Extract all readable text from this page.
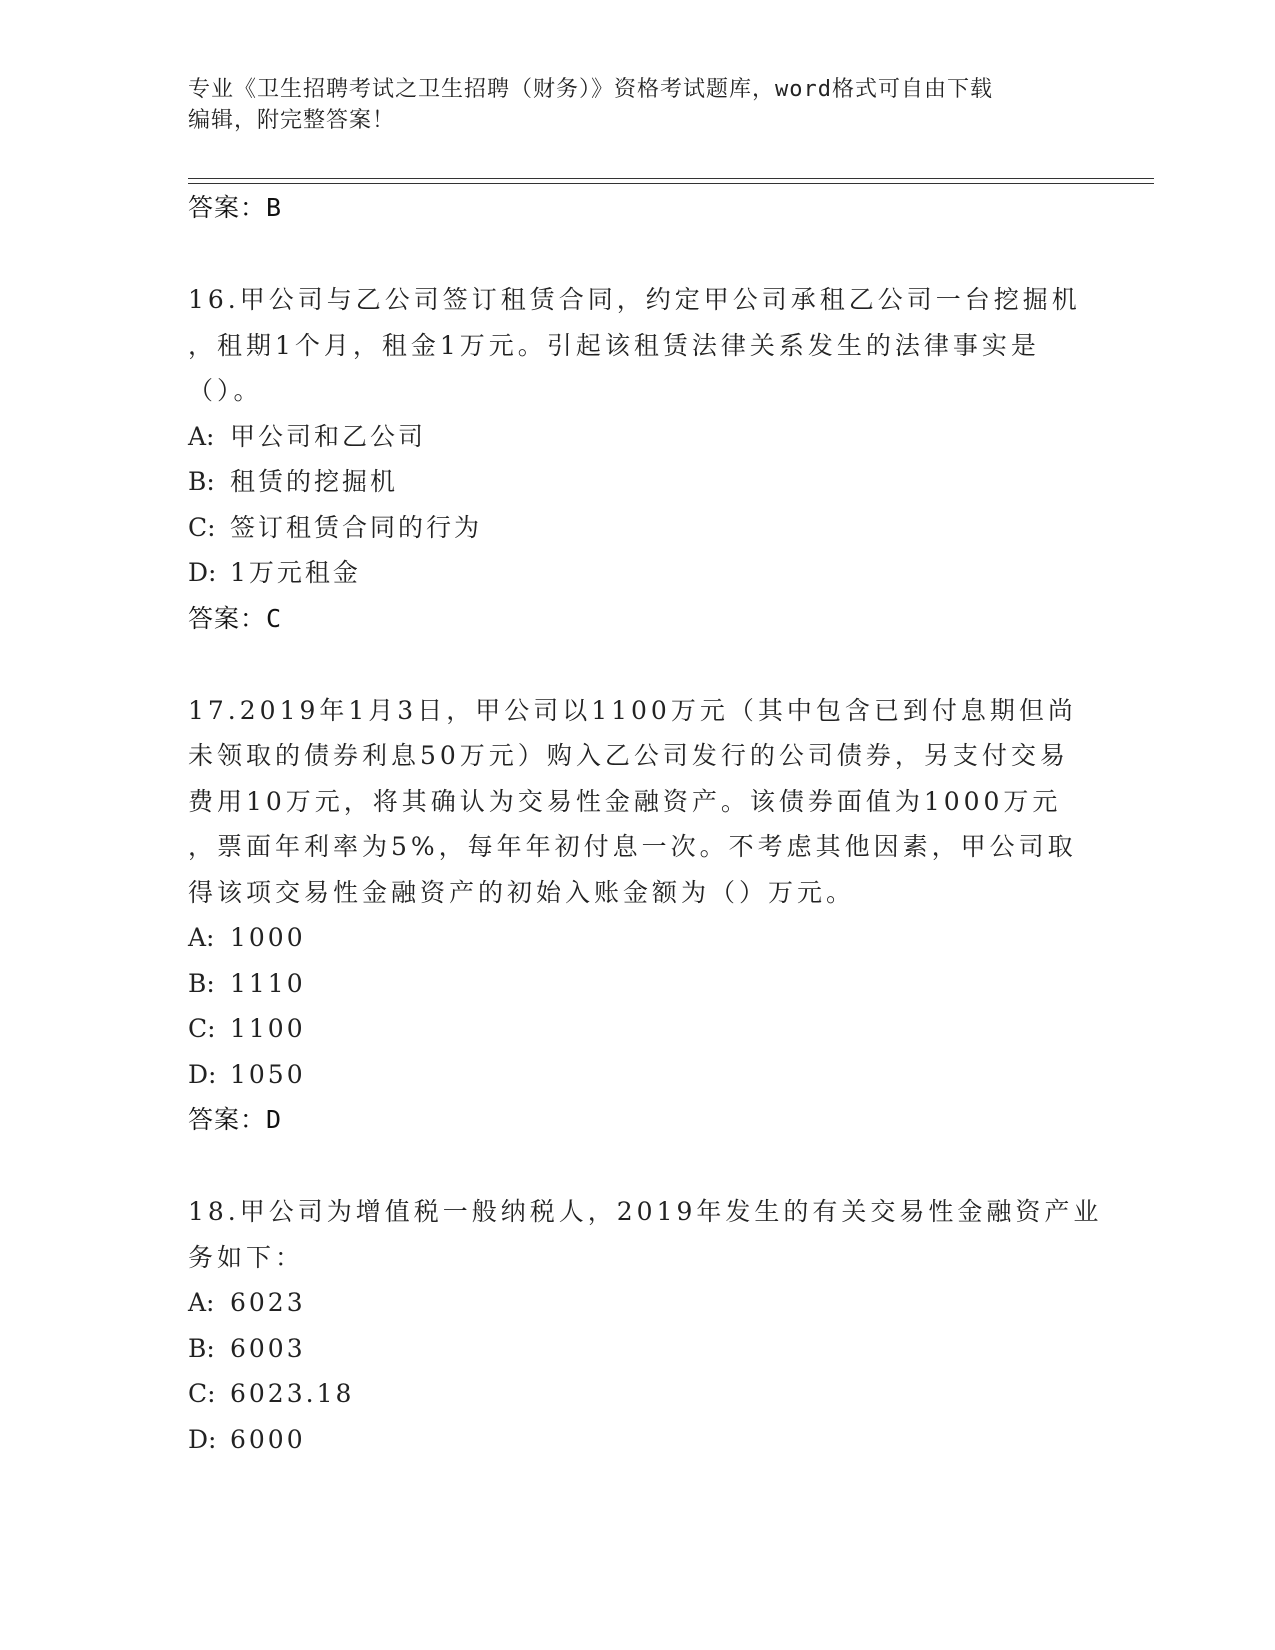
专业《卫生招聘考试之卫生招聘（财务）》资格考试题库，word格式可自由下载
编辑，附完整答案！
答案：B
16.甲公司与乙公司签订租赁合同，约定甲公司承租乙公司一台挖掘机
，租期1个月，租金1万元。引起该租赁法律关系发生的法律事实是
（）。
A: 甲公司和乙公司
B: 租赁的挖掘机
C: 签订租赁合同的行为
D: 1万元租金
答案：C
17.2019年1月3日，甲公司以1100万元（其中包含已到付息期但尚
未领取的债券利息50万元）购入乙公司发行的公司债券，另支付交易
费用10万元，将其确认为交易性金融资产。该债券面值为1000万元
，票面年利率为5%，每年年初付息一次。不考虑其他因素，甲公司取
得该项交易性金融资产的初始入账金额为（）万元。
A: 1000
B: 1110
C: 1100
D: 1050
答案：D
18.甲公司为增值税一般纳税人，2019年发生的有关交易性金融资产业
务如下：
A: 6023
B: 6003
C: 6023.18
D: 6000
